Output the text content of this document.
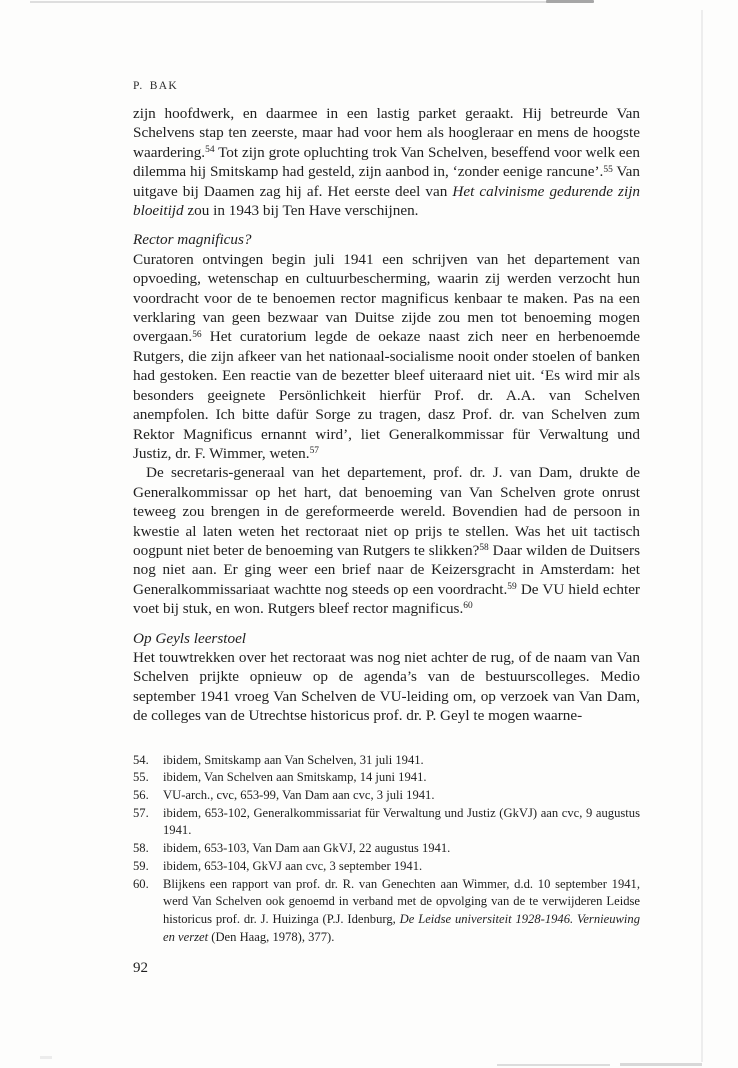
P. BAK

zijn hoofdwerk, en daarmee in een lastig parket geraakt. Hij betreurde Van Schelvens stap ten zeerste, maar had voor hem als hoogleraar en mens de hoogste waardering.$^{54}$ Tot zijn grote opluchting trok Van Schelven, beseffend voor welk een dilemma hij Smitskamp had gesteld, zijn aanbod in, ‘zonder eenige rancune’.$^{55}$ Van uitgave bij Daamen zag hij af. Het eerste deel van Het calvinisme gedurende zijn bloeitijd zou in 1943 bij Ten Have verschijnen.

Rector magnificus?

Curatoren ontvingen begin juli 1941 een schrijven van het departement van opvoeding, wetenschap en cultuurbescherming, waarin zij werden verzocht hun voordracht voor de te benoemen rector magnificus kenbaar te maken. Pas na een verklaring van geen bezwaar van Duitse zijde zou men tot benoeming mogen overgaan.$^{56}$ Het curatorium legde de oekaze naast zich neer en herbenoemde Rutgers, die zijn afkeer van het nationaal-socialisme nooit onder stoelen of banken had gestoken. Een reactie van de bezetter bleef uiteraard niet uit. ‘Es wird mir als besonders geeignete Persönlichkeit hierfür Prof. dr. A.A. van Schelven anempfolen. Ich bitte dafür Sorge zu tragen, dasz Prof. dr. van Schelven zum Rektor Magnificus ernannt wird’, liet Generalkommissar für Verwaltung und Justiz, dr. F. Wimmer, weten.$^{57}$

De secretaris-generaal van het departement, prof. dr. J. van Dam, drukte de Generalkommissar op het hart, dat benoeming van Van Schelven grote onrust teweeg zou brengen in de gereformeerde wereld. Bovendien had de persoon in kwestie al laten weten het rectoraat niet op prijs te stellen. Was het uit tactisch oogpunt niet beter de benoeming van Rutgers te slikken?$^{58}$ Daar wilden de Duitsers nog niet aan. Er ging weer een brief naar de Keizersgracht in Amsterdam: het Generalkommissariaat wachtte nog steeds op een voordracht.$^{59}$ De VU hield echter voet bij stuk, en won. Rutgers bleef rector magnificus.$^{60}$

Op Geyls leerstoel

Het touwtrekken over het rectoraat was nog niet achter de rug, of de naam van Van Schelven prijkte opnieuw op de agenda’s van de bestuurscolleges. Medio september 1941 vroeg Van Schelven de VU-leiding om, op verzoek van Van Dam, de colleges van de Utrechtse historicus prof. dr. P. Geyl te mogen waarne-

54. ibidem, Smitskamp aan Van Schelven, 31 juli 1941.

55. ibidem, Van Schelven aan Smitskamp, 14 juni 1941.

56. VU-arch., cvc, 653-99, Van Dam aan cvc, 3 juli 1941.

57. ibidem, 653-102, Generalkommissariat für Verwaltung und Justiz (GkVJ) aan cvc, 9 augustus 1941.

58. ibidem, 653-103, Van Dam aan GkVJ, 22 augustus 1941.

59. ibidem, 653-104, GkVJ aan cvc, 3 september 1941.

60. Blijkens een rapport van prof. dr. R. van Genechten aan Wimmer, d.d. 10 september 1941, werd Van Schelven ook genoemd in verband met de opvolging van de te verwijderen Leidse historicus prof. dr. J. Huizinga (P.J. Idenburg, De Leidse universiteit 1928-1946. Vernieuwing en verzet (Den Haag, 1978), 377).

92
